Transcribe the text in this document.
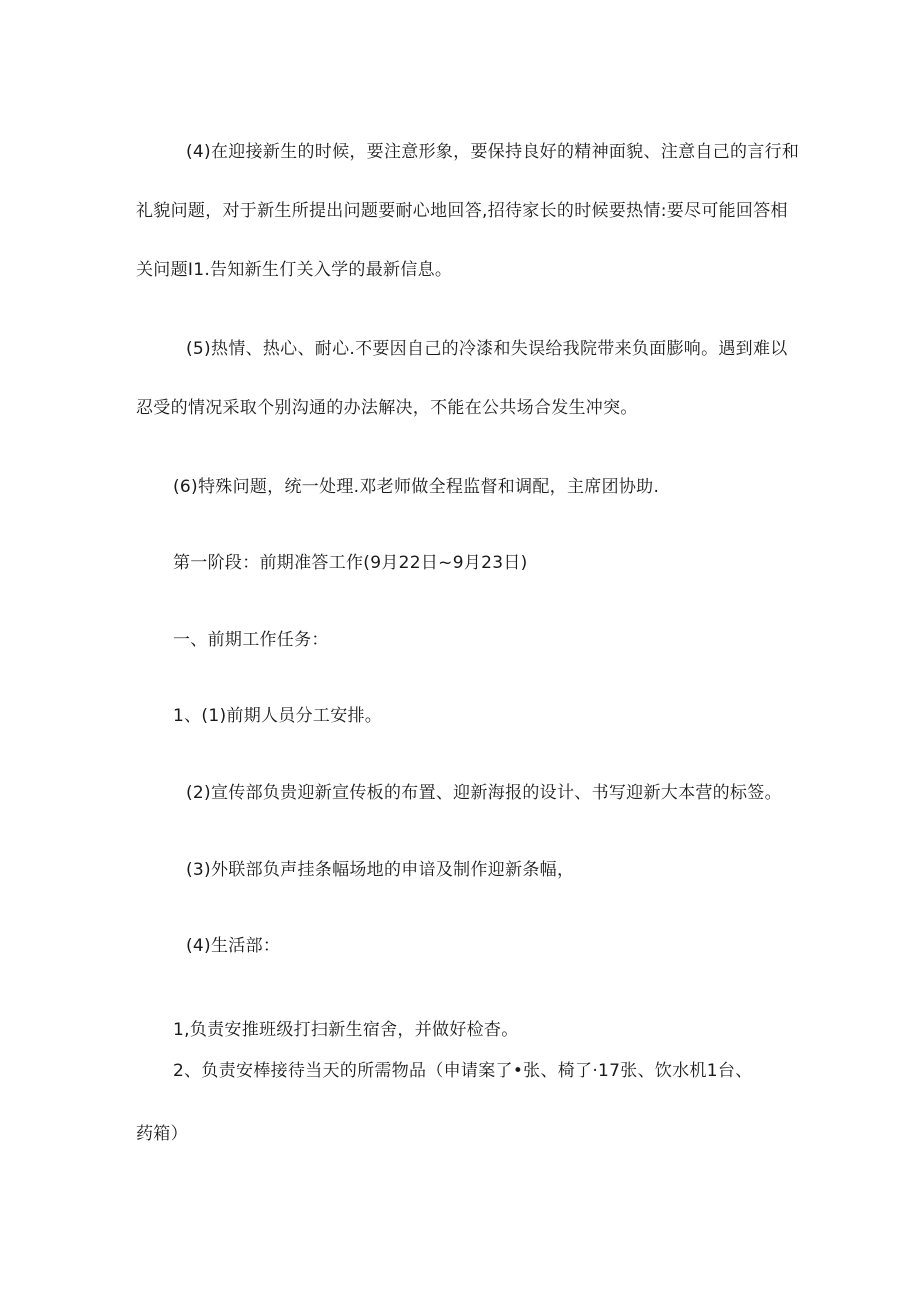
(4)在迎接新生的时候，要注意形象，要保持良好的精神面貌、注意自己的言行和
礼貌问题，对于新生所提出问题要耐心地回答,招待家长的时候要热情:要尽可能回答相
关问题I1.告知新生仃关入学的最新信息。
(5)热情、热心、耐心.不要因自己的冷漆和失误给我院带来负面膨响。遇到难以
忍受的情况采取个别沟通的办法解决，不能在公共场合发生冲突。
(6)特殊问题，统一处理.邓老师做全程监督和调配，主席团协助.
第一阶段：前期准答工作(9月22日~9月23日)
一、前期工作任务：
1、(1)前期人员分工安排。
(2)宣传部负贵迎新宣传板的布置、迎新海报的设计、书写迎新大本营的标签。
(3)外联部负声挂条幅场地的申谙及制作迎新条幅，
(4)生活部：
1,负责安推班级打扫新生宿舍，并做好检杳。
2、负责安棒接待当天的所需物品（申请案了•张、椅了·17张、饮水机1台、
药箱）
